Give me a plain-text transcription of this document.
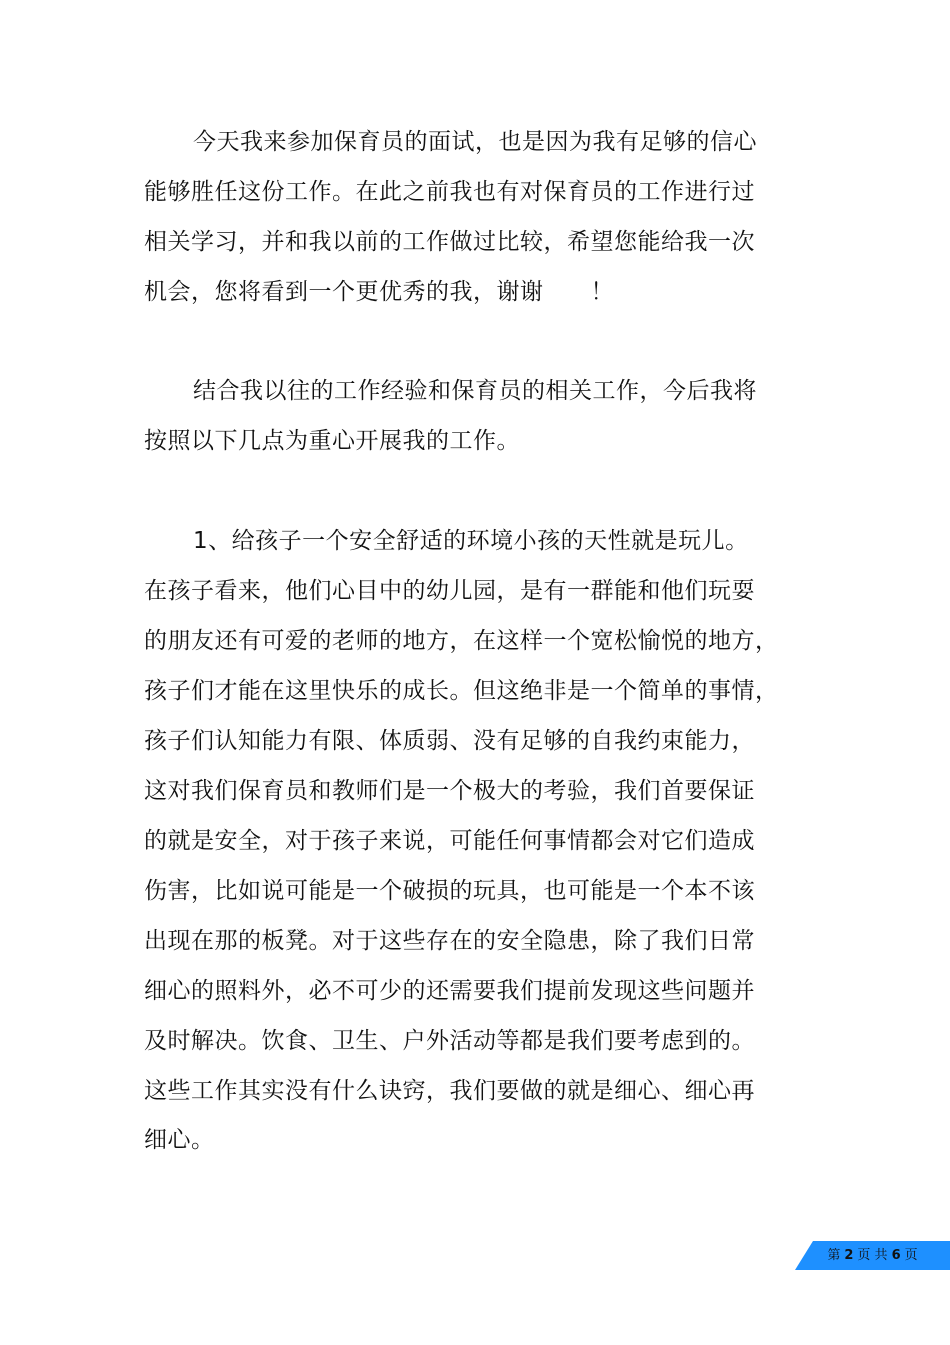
今天我来参加保育员的面试，也是因为我有足够的信心
能够胜任这份工作。在此之前我也有对保育员的工作进行过
相关学习，并和我以前的工作做过比较，希望您能给我一次
机会，您将看到一个更优秀的我，谢谢　　！
结合我以往的工作经验和保育员的相关工作，今后我将
按照以下几点为重心开展我的工作。
1、给孩子一个安全舒适的环境小孩的天性就是玩儿。
在孩子看来，他们心目中的幼儿园，是有一群能和他们玩耍
的朋友还有可爱的老师的地方，在这样一个宽松愉悦的地方，
孩子们才能在这里快乐的成长。但这绝非是一个简单的事情，
孩子们认知能力有限、体质弱、没有足够的自我约束能力，
这对我们保育员和教师们是一个极大的考验，我们首要保证
的就是安全，对于孩子来说，可能任何事情都会对它们造成
伤害，比如说可能是一个破损的玩具，也可能是一个本不该
出现在那的板凳。对于这些存在的安全隐患，除了我们日常
细心的照料外，必不可少的还需要我们提前发现这些问题并
及时解决。饮食、卫生、户外活动等都是我们要考虑到的。
这些工作其实没有什么诀窍，我们要做的就是细心、细心再
细心。
第 2 页 共 6 页
